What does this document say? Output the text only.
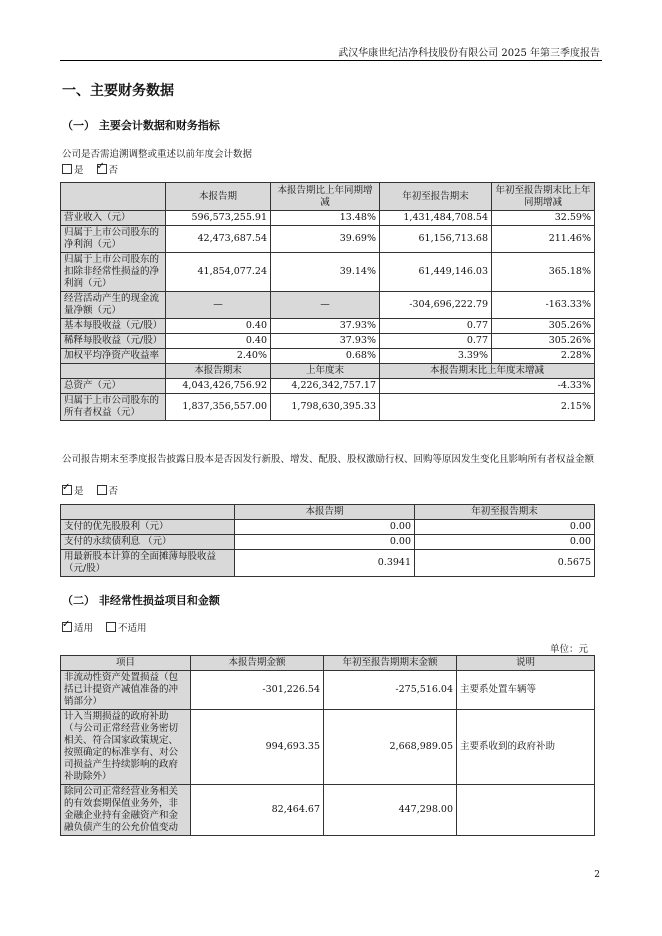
武汉华康世纪洁净科技股份有限公司 2025 年第三季度报告
一、主要财务数据
（一） 主要会计数据和财务指标
公司是否需追溯调整或重述以前年度会计数据
是 ✓	否
	本报告期	本报告期比上年同期增减	年初至报告期末	年初至报告期末比上年同期增减
营业收入（元）	596,573,255.91	13.48%	1,431,484,708.54	32.59%
归属于上市公司股东的净利润（元）	42,473,687.54	39.69%	61,156,713.68	211.46%
归属于上市公司股东的扣除非经常性损益的净利润（元）	41,854,077.24	39.14%	61,449,146.03	365.18%
经营活动产生的现金流量净额（元）	—	—	-304,696,222.79	-163.33%
基本每股收益（元/股）	0.40	37.93%	0.77	305.26%
稀释每股收益（元/股）	0.40	37.93%	0.77	305.26%
加权平均净资产收益率	2.40%	0.68%	3.39%	2.28%
	本报告期末	上年度末	本报告期末比上年度末增减	
总资产（元）	4,043,426,756.92	4,226,342,757.17	-4.33%	
归属于上市公司股东的所有者权益（元）	1,837,356,557.00	1,798,630,395.33	2.15%	
公司报告期末至季度报告披露日股本是否因发行新股、增发、配股、股权激励行权、回购等原因发生变化且影响所有者权益金额
✓是	否
	本报告期	年初至报告期末
支付的优先股股利（元）	0.00	0.00
支付的永续债利息 （元）	0.00	0.00
用最新股本计算的全面摊薄每股收益（元/股）	0.3941	0.5675
（二） 非经常性损益项目和金额
✓适用	不适用
单位：元
项目	本报告期金额	年初至报告期期末金额	说明
非流动性资产处置损益（包括已计提资产减值准备的冲销部分）	-301,226.54	-275,516.04	主要系处置车辆等
计入当期损益的政府补助（与公司正常经营业务密切相关、符合国家政策规定、按照确定的标准享有、对公司损益产生持续影响的政府补助除外）	994,693.35	2,668,989.05	主要系收到的政府补助
除同公司正常经营业务相关的有效套期保值业务外，非金融企业持有金融资产和金融负债产生的公允价值变动	82,464.67	447,298.00	
2
